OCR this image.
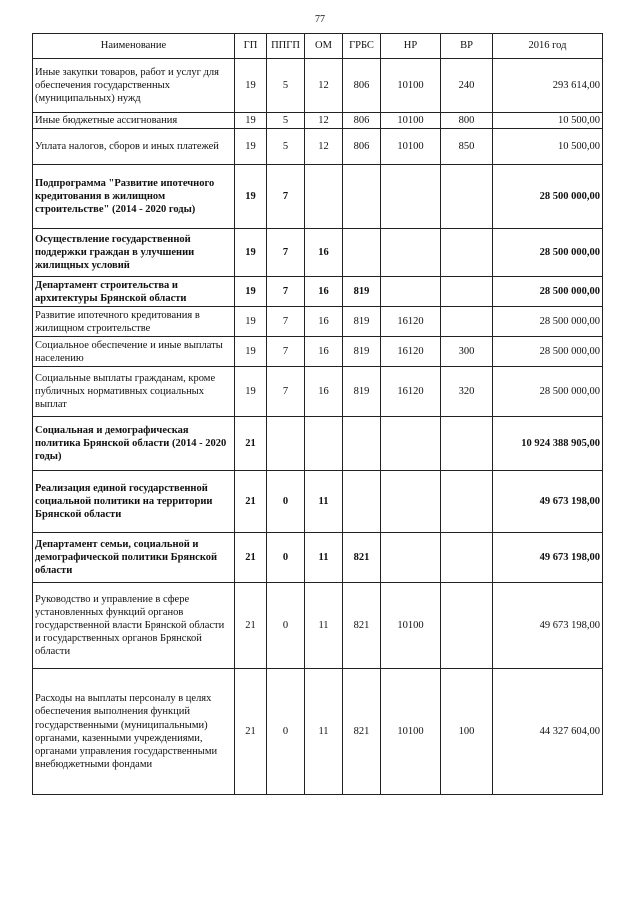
77
Наименование	ГП	ППГП	ОМ	ГРБС	НР	ВР	2016 год
Иные закупки товаров, работ и услуг для обеспечения государственных (муниципальных) нужд	19	5	12	806	10100	240	293 614,00
Иные бюджетные ассигнования	19	5	12	806	10100	800	10 500,00
Уплата налогов, сборов и иных платежей	19	5	12	806	10100	850	10 500,00
Подпрограмма "Развитие ипотечного кредитования в жилищном строительстве" (2014 - 2020 годы)	19	7					28 500 000,00
Осуществление государственной поддержки граждан в улучшении жилищных условий	19	7	16				28 500 000,00
Департамент строительства и архитектуры Брянской области	19	7	16	819			28 500 000,00
Развитие ипотечного кредитования в жилищном строительстве	19	7	16	819	16120		28 500 000,00
Социальное обеспечение и иные выплаты населению	19	7	16	819	16120	300	28 500 000,00
Социальные выплаты гражданам, кроме публичных нормативных социальных выплат	19	7	16	819	16120	320	28 500 000,00
Социальная и демографическая политика Брянской области (2014 - 2020 годы)	21						10 924 388 905,00
Реализация единой государственной социальной политики на территории Брянской области	21	0	11				49 673 198,00
Департамент семьи, социальной и демографической политики Брянской области	21	0	11	821			49 673 198,00
Руководство и управление в сфере установленных функций органов государственной власти Брянской области и государственных органов Брянской области	21	0	11	821	10100		49 673 198,00
Расходы на выплаты персоналу в целях обеспечения выполнения функций государственными (муниципальными) органами, казенными учреждениями, органами управления государственными внебюджетными фондами	21	0	11	821	10100	100	44 327 604,00
